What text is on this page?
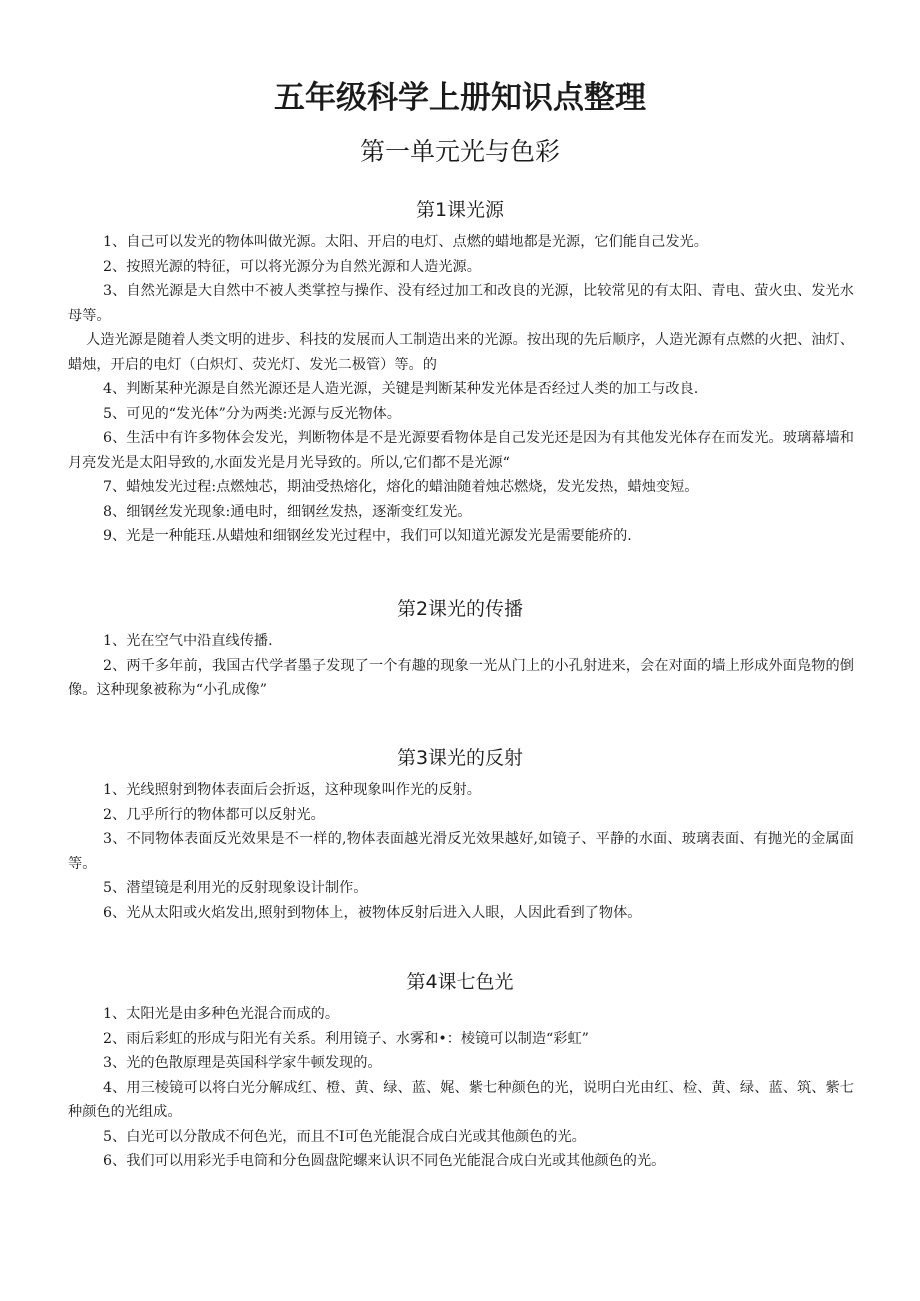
五年级科学上册知识点整理
第一单元光与色彩
第1课光源

1、自己可以发光的物体叫做光源。太阳、开启的电灯、点燃的蜡地都是光源，它们能自己发光。

2、按照光源的特征，可以将光源分为自然光源和人造光源。

3、自然光源是大自然中不被人类掌控与操作、没有经过加工和改良的光源，比较常见的有太阳、青电、萤火虫、发光水母等。

人造光源是随着人类文明的进步、科技的发展而人工制造出来的光源。按出现的先后顺序，人造光源有点燃的火把、油灯、蜡烛，开启的电灯（白炽灯、荧光灯、发光二极管）等。的

4、判断某种光源是自然光源还是人造光源，关键是判断某种发光体是否经过人类的加工与改良.

5、可见的“发光体”分为两类:光源与反光物体。

6、生活中有许多物体会发光，判断物体是不是光源要看物体是自己发光还是因为有其他发光体存在而发光。玻璃幕墙和月亮发光是太阳导致的,水面发光是月光导致的。所以,它们都不是光源“

7、蜡烛发光过程:点燃烛芯，期油受热熔化，熔化的蜡油随着烛芯燃烧，发光发热，蜡烛变短。

8、细钢丝发光现象:通电时，细钢丝发热，逐渐变红发光。

9、光是一种能珏.从蜡烛和细钢丝发光过程中，我们可以知道光源发光是需要能疥的.

第2课光的传播

1、光在空气中沿直线传播.

2、两千多年前，我国古代学者墨子发现了一个有趣的现象一光从门上的小孔射进来，会在对面的墙上形成外面凫物的倒像。这种现象被称为“小孔成像”

第3课光的反射

1、光线照射到物体表面后会折返，这种现象叫作光的反射。

2、几乎所行的物体都可以反射光。

3、不同物体表面反光效果是不一样的,物体表面越光滑反光效果越好,如镜子、平静的水面、玻璃表面、有抛光的金属面等。

5、潜望镜是利用光的反射现象设计制作。

6、光从太阳或火焰发出,照射到物体上，被物体反射后进入人眼，人因此看到了物体。

第4课七色光

1、太阳光是由多种色光混合而成的。

2、雨后彩虹的形成与阳光有关系。利用镜子、水雾和•：棱镜可以制造“彩虹”

3、光的色散原理是英国科学家牛顿发现的。

4、用三棱镜可以将白光分解成红、橙、黄、绿、蓝、娓、紫七种颜色的光，说明白光由红、检、黄、绿、蓝、筑、紫七种颜色的光组成。

5、白光可以分散成不何色光，而且不I可色光能混合成白光或其他颜色的光。

6、我们可以用彩光手电筒和分色圆盘陀螺来认识不同色光能混合成白光或其他颜色的光。
